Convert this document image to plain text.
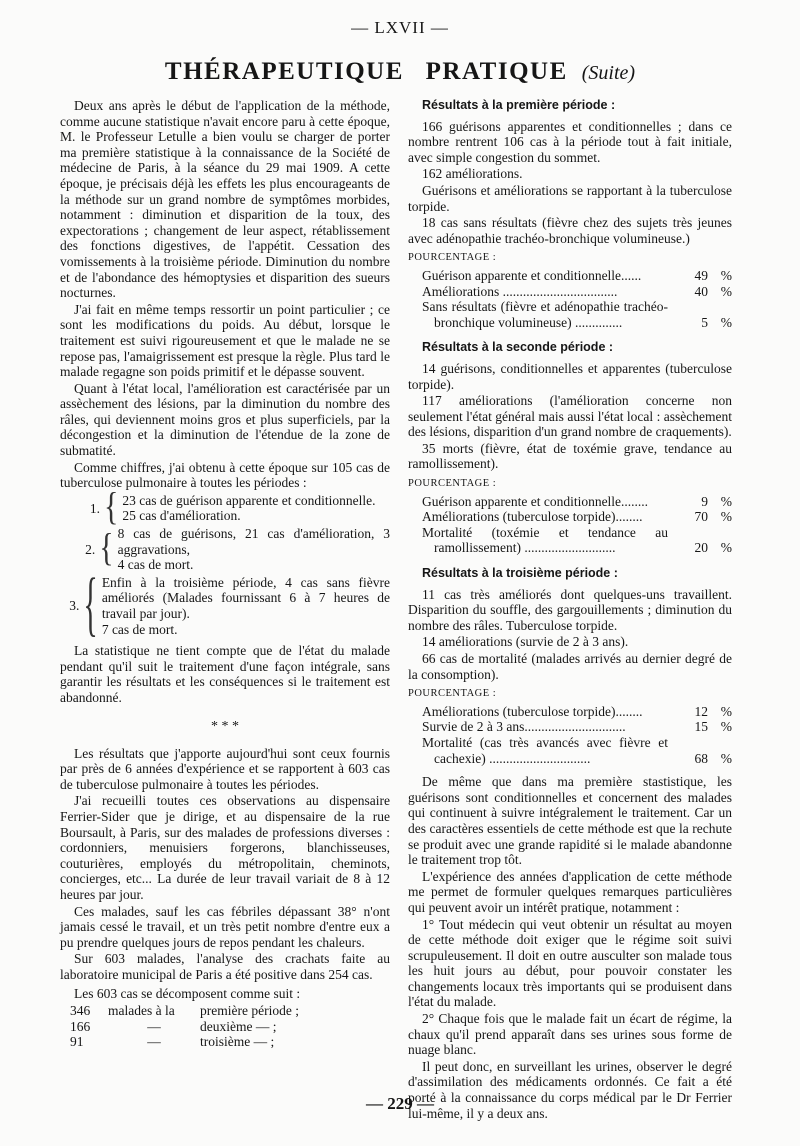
— LXVII —
THÉRAPEUTIQUE PRATIQUE (Suite)

Deux ans après le début de l'application de la méthode, comme aucune statistique n'avait encore paru à cette époque, M. le Professeur Letulle a bien voulu se charger de porter ma première statistique à la connaissance de la Société de médecine de Paris, à la séance du 29 mai 1909. A cette époque, je précisais déjà les effets les plus encourageants de la méthode sur un grand nombre de symptômes morbides, notamment : diminution et disparition de la toux, des expectorations ; changement de leur aspect, rétablissement des fonctions digestives, de l'appétit. Cessation des vomissements à la troisième période. Diminution du nombre et de l'abondance des hémoptysies et disparition des sueurs nocturnes.

J'ai fait en même temps ressortir un point particulier ; ce sont les modifications du poids. Au début, lorsque le traitement est suivi rigoureusement et que le malade ne se repose pas, l'amaigrissement est presque la règle. Plus tard le malade regagne son poids primitif et le dépasse souvent.

Quant à l'état local, l'amélioration est caractérisée par un assèchement des lésions, par la diminution du nombre des râles, qui deviennent moins gros et plus superficiels, par la décongestion et la diminution de l'étendue de la zone de submatité.

Comme chiffres, j'ai obtenu à cette époque sur 105 cas de tuberculose pulmonaire à toutes les périodes :

1. { 23 cas de guérison apparente et conditionnelle.
25 cas d'amélioration.
2. { 8 cas de guérisons, 21 cas d'amélioration, 3 aggravations,
4 cas de mort.
3. { Enfin à la troisième période, 4 cas sans fièvre améliorés (Malades fournissant 6 à 7 heures de travail par jour).
7 cas de mort.

La statistique ne tient compte que de l'état du malade pendant qu'il suit le traitement d'une façon intégrale, sans garantir les résultats et les conséquences si le traitement est abandonné.

* * *

Les résultats que j'apporte aujourd'hui sont ceux fournis par près de 6 années d'expérience et se rapportent à 603 cas de tuberculose pulmonaire à toutes les périodes.

J'ai recueilli toutes ces observations au dispensaire Ferrier-Sider que je dirige, et au dispensaire de la rue Boursault, à Paris, sur des malades de professions diverses : cordonniers, menuisiers forgerons, blanchisseuses, couturières, employés du métropolitain, cheminots, concierges, etc... La durée de leur travail variait de 8 à 12 heures par jour.

Ces malades, sauf les cas fébriles dépassant 38° n'ont jamais cessé le travail, et un très petit nombre d'entre eux a pu prendre quelques jours de repos pendant les chaleurs.

Sur 603 malades, l'analyse des crachats faite au laboratoire municipal de Paris a été positive dans 254 cas.

Les 603 cas se décomposent comme suit :

346	malades à la	première période ;
166	—	deuxième — ;
91	—	troisième — ;
Résultats à la première période :

166 guérisons apparentes et conditionnelles ; dans ce nombre rentrent 106 cas à la période tout à fait initiale, avec simple congestion du sommet.

162 améliorations.

Guérisons et améliorations se rapportant à la tuberculose torpide.

18 cas sans résultats (fièvre chez des sujets très jeunes avec adénopathie trachéo-bronchique volumineuse.)

POURCENTAGE :
Guérison apparente et conditionnelle......	49 %
Améliorations ..................................	40 %
Sans résultats (fièvre et adénopathie trachéo-bronchique volumineuse) ..............	5 %
Résultats à la seconde période :

14 guérisons, conditionnelles et apparentes (tuberculose torpide).

117 améliorations (l'amélioration concerne non seulement l'état général mais aussi l'état local : assèchement des lésions, disparition d'un grand nombre de craquements).

35 morts (fièvre, état de toxémie grave, tendance au ramollissement).

POURCENTAGE :
Guérison apparente et conditionnelle........	9 %
Améliorations (tuberculose torpide)........	70 %
Mortalité (toxémie et tendance au ramollissement) ...........................	20 %
Résultats à la troisième période :

11 cas très améliorés dont quelques-uns travaillent. Disparition du souffle, des gargouillements ; diminution du nombre des râles. Tuberculose torpide.

14 améliorations (survie de 2 à 3 ans).

66 cas de mortalité (malades arrivés au dernier degré de la consomption).

POURCENTAGE :
Améliorations (tuberculose torpide)........	12 %
Survie de 2 à 3 ans..............................	15 %
Mortalité (cas très avancés avec fièvre et cachexie) ..............................	68 %

De même que dans ma première stastistique, les guérisons sont conditionnelles et concernent des malades qui continuent à suivre intégralement le traitement. Car un des caractères essentiels de cette méthode est que la rechute se produit avec une grande rapidité si le malade abandonne le traitement trop tôt.

L'expérience des années d'application de cette méthode me permet de formuler quelques remarques particulières qui peuvent avoir un intérêt pratique, notamment :

1° Tout médecin qui veut obtenir un résultat au moyen de cette méthode doit exiger que le régime soit suivi scrupuleusement. Il doit en outre ausculter son malade tous les huit jours au début, pour pouvoir constater les changements locaux très importants qui se produisent dans l'état du malade.

2° Chaque fois que le malade fait un écart de régime, la chaux qu'il prend apparaît dans ses urines sous forme de nuage blanc.

Il peut donc, en surveillant les urines, observer le degré d'assimilation des médicaments ordonnés. Ce fait a été porté à la connaissance du corps médical par le Dr Ferrier lui-même, il y a deux ans.

— 229 —
